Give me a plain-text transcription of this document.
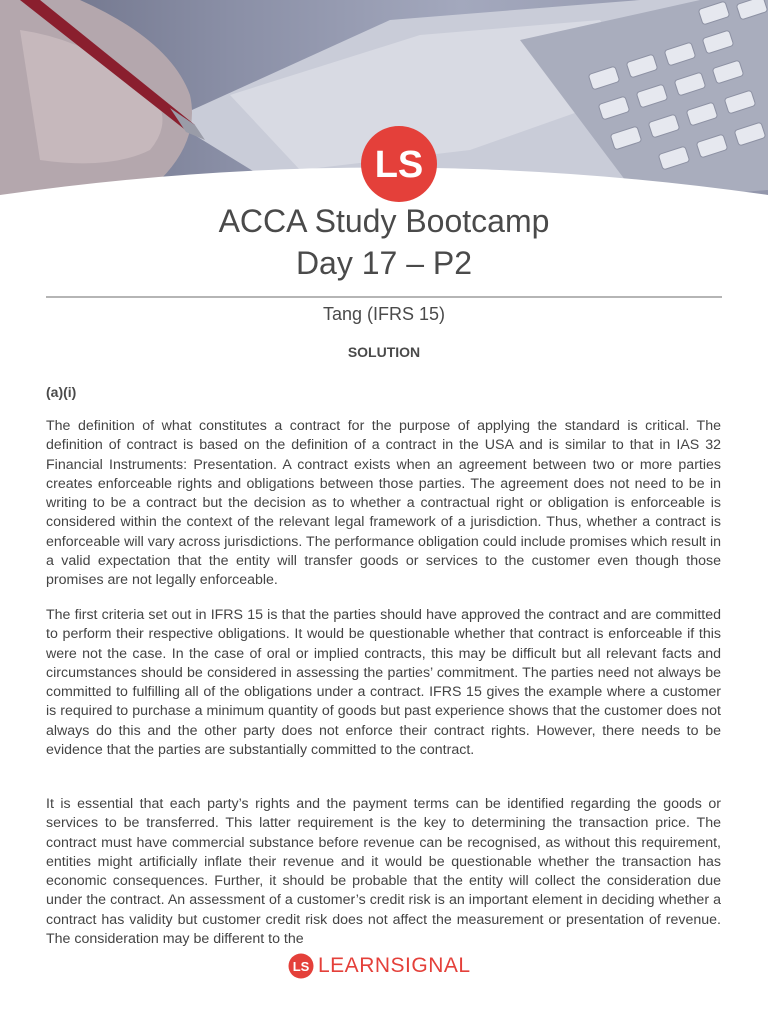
LS
ACCA Study Bootcamp
Day 17 – P2
Tang (IFRS 15)
SOLUTION
(a)(i)

The definition of what constitutes a contract for the purpose of applying the standard is critical. The definition of contract is based on the definition of a contract in the USA and is similar to that in IAS 32 Financial Instruments: Presentation. A contract exists when an agreement between two or more parties creates enforceable rights and obligations between those parties. The agreement does not need to be in writing to be a contract but the decision as to whether a contractual right or obligation is enforceable is considered within the context of the relevant legal framework of a jurisdiction. Thus, whether a contract is enforceable will vary across jurisdictions. The performance obligation could include promises which result in a valid expectation that the entity will transfer goods or services to the customer even though those promises are not legally enforceable.

The first criteria set out in IFRS 15 is that the parties should have approved the contract and are committed to perform their respective obligations. It would be questionable whether that contract is enforceable if this were not the case. In the case of oral or implied contracts, this may be difficult but all relevant facts and circumstances should be considered in assessing the parties’ commitment. The parties need not always be committed to fulfilling all of the obligations under a contract. IFRS 15 gives the example where a customer is required to purchase a minimum quantity of goods but past experience shows that the customer does not always do this and the other party does not enforce their contract rights. However, there needs to be evidence that the parties are substantially committed to the contract.

It is essential that each party’s rights and the payment terms can be identified regarding the goods or services to be transferred. This latter requirement is the key to determining the transaction price. The contract must have commercial substance before revenue can be recognised, as without this requirement, entities might artificially inflate their revenue and it would be questionable whether the transaction has economic consequences. Further, it should be probable that the entity will collect the consideration due under the contract. An assessment of a customer’s credit risk is an important element in deciding whether a contract has validity but customer credit risk does not affect the measurement or presentation of revenue. The consideration may be different to the

LS LEARNSIGNAL
